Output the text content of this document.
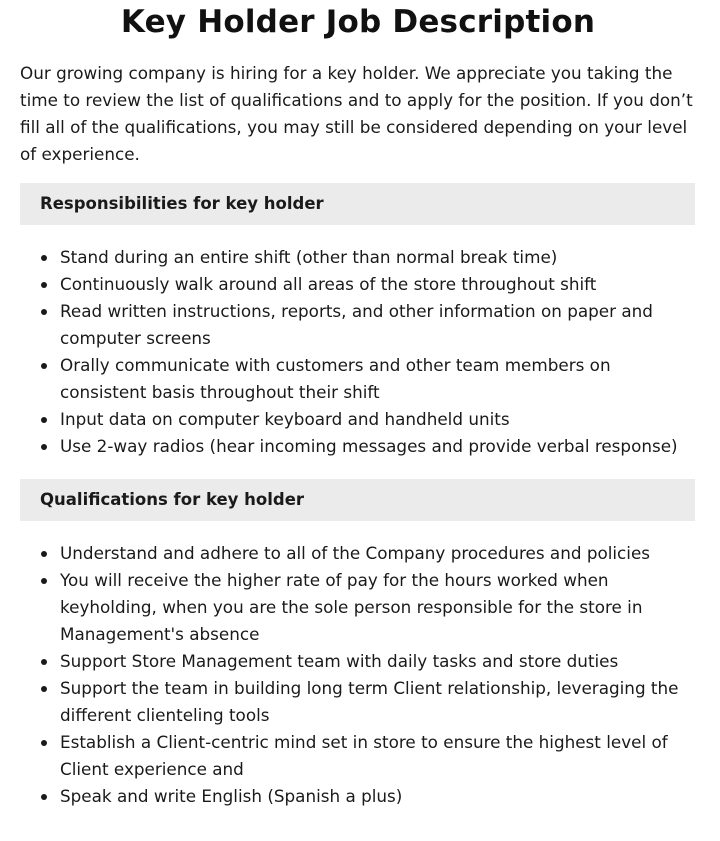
Key Holder Job Description

Our growing company is hiring for a key holder. We appreciate you taking the time to review the list of qualifications and to apply for the position. If you don’t fill all of the qualifications, you may still be considered depending on your level of experience.

Responsibilities for key holder
Stand during an entire shift (other than normal break time)
Continuously walk around all areas of the store throughout shift
Read written instructions, reports, and other information on paper and computer screens
Orally communicate with customers and other team members on consistent basis throughout their shift
Input data on computer keyboard and handheld units
Use 2-way radios (hear incoming messages and provide verbal response)
Qualifications for key holder
Understand and adhere to all of the Company procedures and policies
You will receive the higher rate of pay for the hours worked when keyholding, when you are the sole person responsible for the store in Management's absence
Support Store Management team with daily tasks and store duties
Support the team in building long term Client relationship, leveraging the different clienteling tools
Establish a Client-centric mind set in store to ensure the highest level of Client experience and
Speak and write English (Spanish a plus)
